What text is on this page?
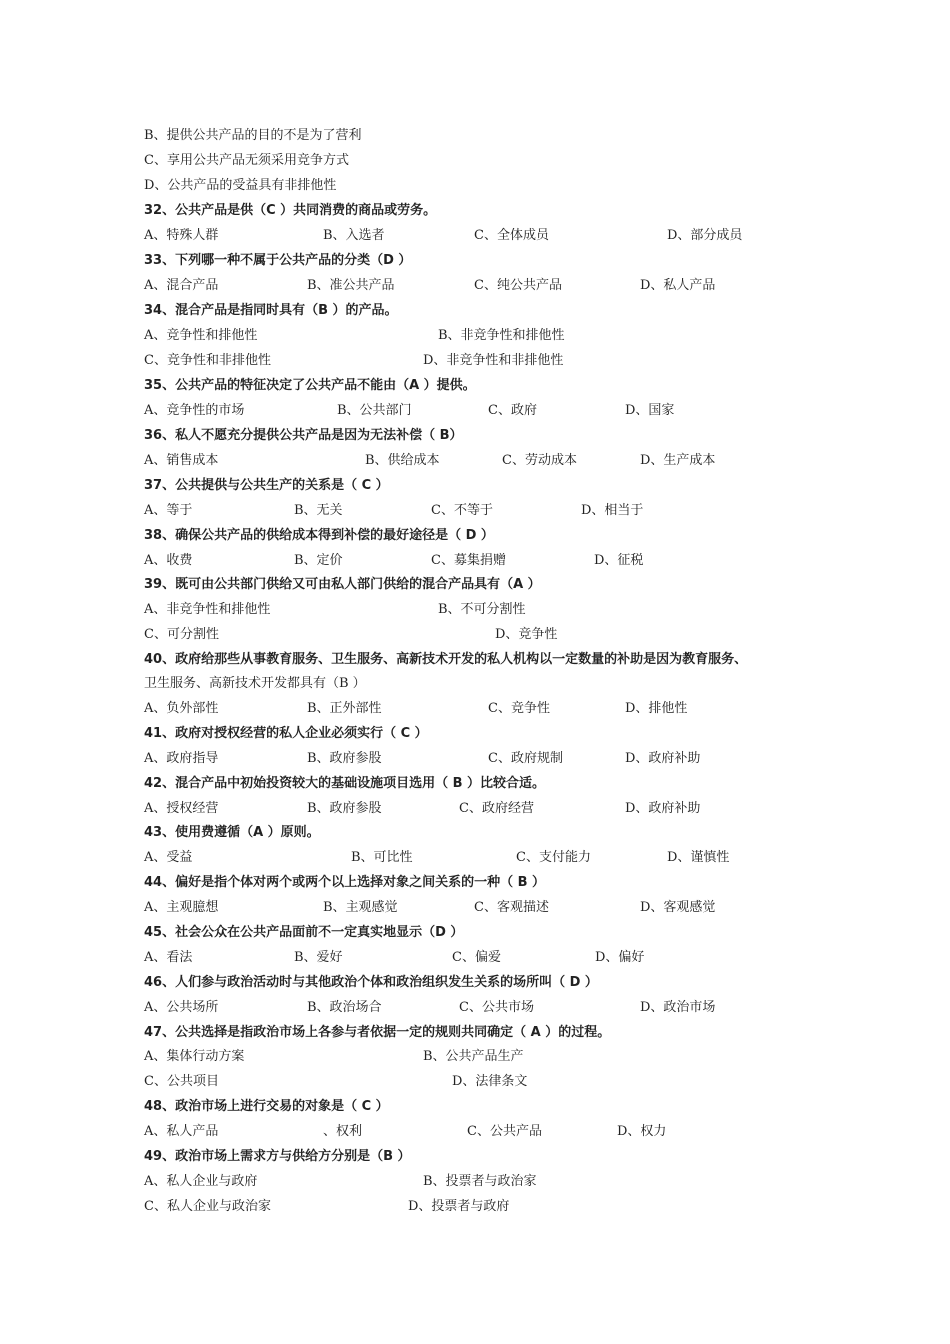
B、提供公共产品的目的不是为了营利
C、享用公共产品无须采用竞争方式
D、公共产品的受益具有非排他性
32、公共产品是供（C ）共同消费的商品或劳务。
A、特殊人群	B、入选者	C、全体成员	D、部分成员
33、下列哪一种不属于公共产品的分类（D ）
A、混合产品	B、准公共产品	C、纯公共产品	D、私人产品
34、混合产品是指同时具有（B ）的产品。
A、竞争性和排他性	B、非竞争性和排他性
C、竞争性和非排他性	D、非竞争性和非排他性
35、公共产品的特征决定了公共产品不能由（A ）提供。
A、竞争性的市场	B、公共部门	C、政府	D、国家
36、私人不愿充分提供公共产品是因为无法补偿（ B）
A、销售成本	B、供给成本	C、劳动成本	D、生产成本
37、公共提供与公共生产的关系是（ C ）
A、等于	B、无关	C、不等于	D、相当于
38、确保公共产品的供给成本得到补偿的最好途径是（ D ）
A、收费	B、定价	C、募集捐赠	D、征税
39、既可由公共部门供给又可由私人部门供给的混合产品具有（A ）
A、非竞争性和排他性	B、不可分割性
C、可分割性	D、竞争性
40、政府给那些从事教育服务、卫生服务、高新技术开发的私人机构以一定数量的补助是因为教育服务、
卫生服务、高新技术开发都具有（B ）
A、负外部性	B、正外部性	C、竞争性	D、排他性
41、政府对授权经营的私人企业必须实行（ C ）
A、政府指导	B、政府参股	C、政府规制	D、政府补助
42、混合产品中初始投资较大的基础设施项目选用（ B ）比较合适。
A、授权经营	B、政府参股	C、政府经营	D、政府补助
43、使用费遵循（A ）原则。
A、受益	B、可比性	C、支付能力	D、谨慎性
44、偏好是指个体对两个或两个以上选择对象之间关系的一种（ B ）
A、主观臆想	B、主观感觉	C、客观描述	D、客观感觉
45、社会公众在公共产品面前不一定真实地显示（D ）
A、看法	B、爱好	C、偏爱	D、偏好
46、人们参与政治活动时与其他政治个体和政治组织发生关系的场所叫（ D ）
A、公共场所	B、政治场合	C、公共市场	D、政治市场
47、公共选择是指政治市场上各参与者依据一定的规则共同确定（ A ）的过程。
A、集体行动方案	B、公共产品生产
C、公共项目	D、法律条文
48、政治市场上进行交易的对象是（ C ）
A、私人产品	、权利	C、公共产品	D、权力
49、政治市场上需求方与供给方分别是（B ）
A、私人企业与政府	B、投票者与政治家
C、私人企业与政治家	D、投票者与政府
